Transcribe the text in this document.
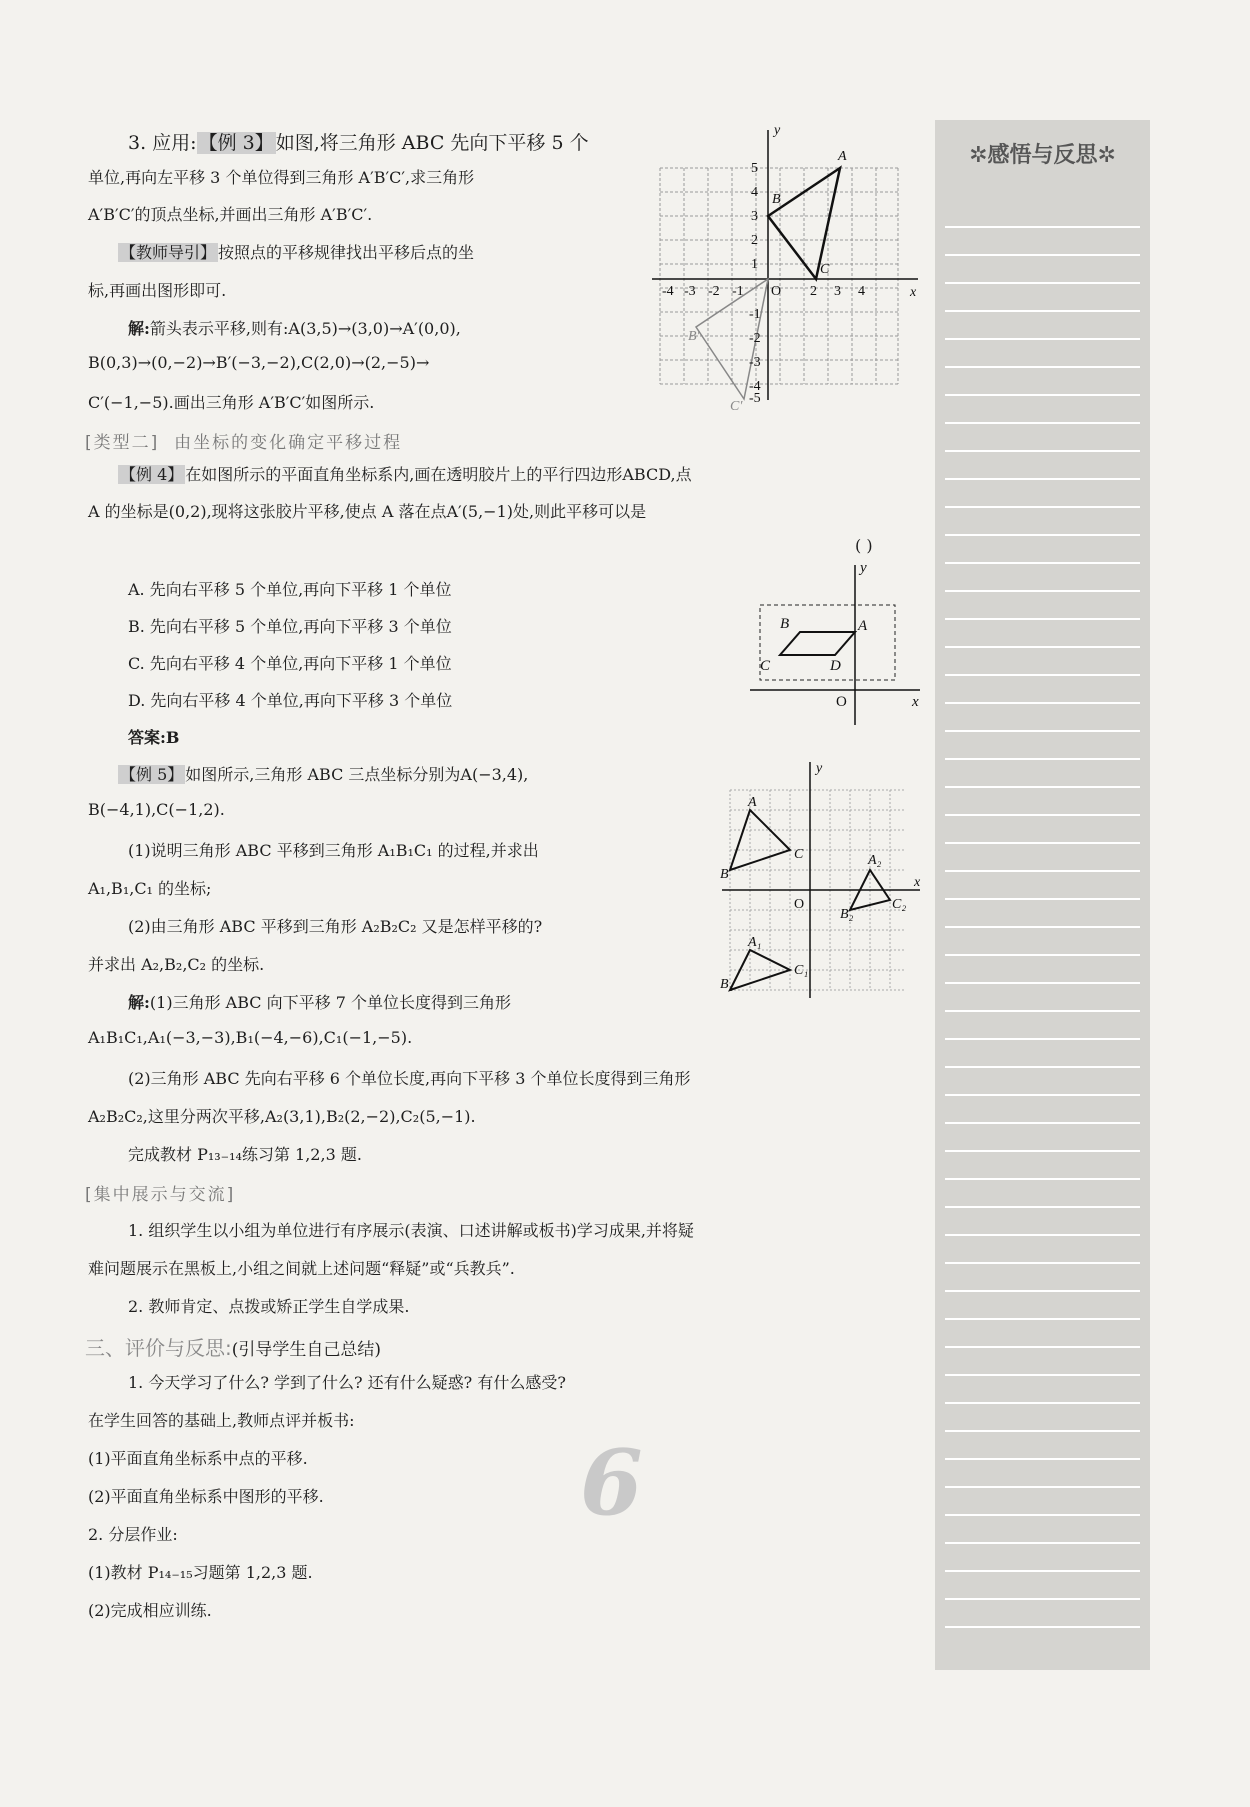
✲感悟与反思✲
3. 应用: 【例 3】 如图,将三角形 ABC 先向下平移 5 个
单位,再向左平移 3 个单位得到三角形 A′B′C′,求三角形
A′B′C′的顶点坐标,并画出三角形 A′B′C′.
【教师导引】 按照点的平移规律找出平移后点的坐
标,再画出图形即可.
解:箭头表示平移,则有:A(3,5)→(3,0)→A′(0,0),
B(0,3)→(0,−2)→B′(−3,−2),C(2,0)→(2,−5)→
C′(−1,−5).画出三角形 A′B′C′如图所示.
[类型二] 由坐标的变化确定平移过程
【例 4】 在如图所示的平面直角坐标系内,画在透明胶片上的平行四边形ABCD,点
A 的坐标是(0,2),现将这张胶片平移,使点 A 落在点A′(5,−1)处,则此平移可以是
( )
A. 先向右平移 5 个单位,再向下平移 1 个单位
B. 先向右平移 5 个单位,再向下平移 3 个单位
C. 先向右平移 4 个单位,再向下平移 1 个单位
D. 先向右平移 4 个单位,再向下平移 3 个单位
答案:B
【例 5】 如图所示,三角形 ABC 三点坐标分别为A(−3,4),
B(−4,1),C(−1,2).
(1)说明三角形 ABC 平移到三角形 A₁B₁C₁ 的过程,并求出
A₁,B₁,C₁ 的坐标;
(2)由三角形 ABC 平移到三角形 A₂B₂C₂ 又是怎样平移的?
并求出 A₂,B₂,C₂ 的坐标.
解:(1)三角形 ABC 向下平移 7 个单位长度得到三角形
A₁B₁C₁,A₁(−3,−3),B₁(−4,−6),C₁(−1,−5).
(2)三角形 ABC 先向右平移 6 个单位长度,再向下平移 3 个单位长度得到三角形
A₂B₂C₂,这里分两次平移,A₂(3,1),B₂(2,−2),C₂(5,−1).
完成教材 P₁₃₋₁₄练习第 1,2,3 题.
[集中展示与交流]
1. 组织学生以小组为单位进行有序展示(表演、口述讲解或板书)学习成果,并将疑
难问题展示在黑板上,小组之间就上述问题“释疑”或“兵教兵”.
2. 教师肯定、点拨或矫正学生自学成果.
三、评价与反思:(引导学生自己总结)
1. 今天学习了什么? 学到了什么? 还有什么疑惑? 有什么感受?
在学生回答的基础上,教师点评并板书:
(1)平面直角坐标系中点的平移.
(2)平面直角坐标系中图形的平移.
2. 分层作业:
(1)教材 P₁₄₋₁₅习题第 1,2,3 题.
(2)完成相应训练.
6
y
x
A
B
C
O
5
4
3
2
1
2 3 4
-4 -3 -2 -1
-1
-2
-3
-4
-5
B′
C′
y
x
A
B
C	D
O
y
x
O
A
B
C
A₁
B₁
C₁
A₂
B₂
C₂
